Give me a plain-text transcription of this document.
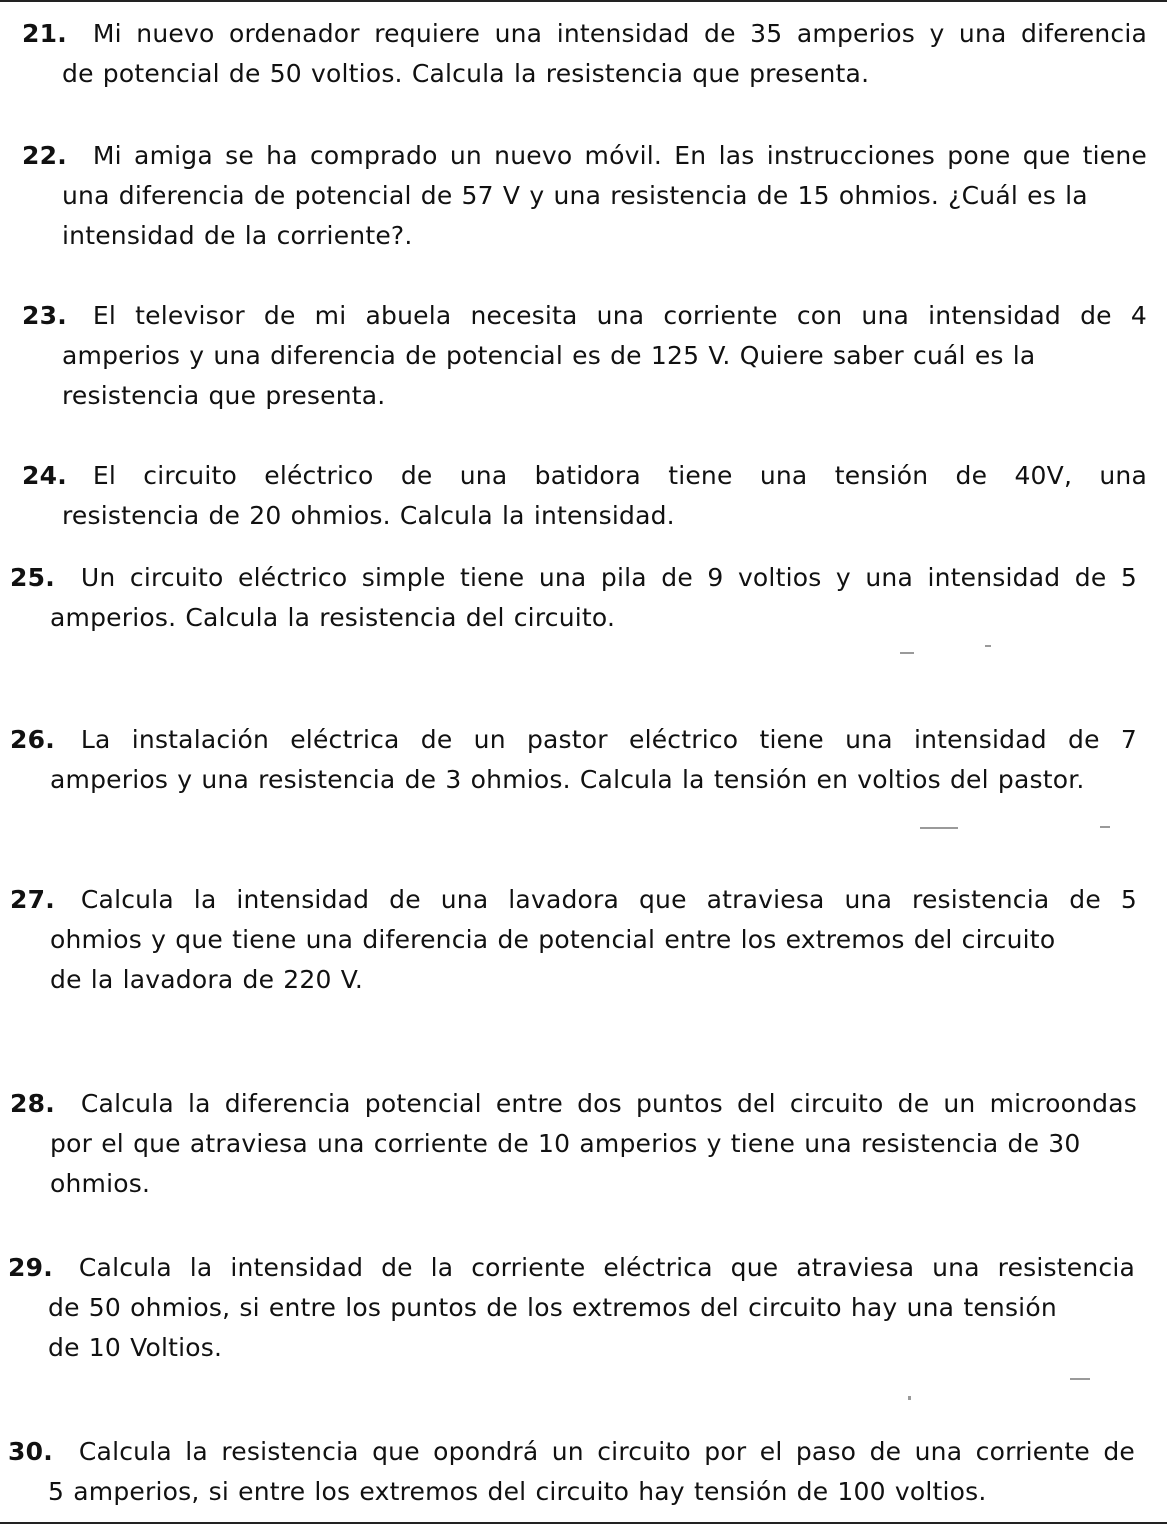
21. Mi nuevo ordenador requiere una intensidad de 35 amperios y una diferencia
de potencial de 50 voltios. Calcula la resistencia que presenta.
22. Mi amiga se ha comprado un nuevo móvil. En las instrucciones pone que tiene
una diferencia de potencial de 57 V y una resistencia de 15 ohmios. ¿Cuál es la
intensidad de la corriente?.
23. El televisor de mi abuela necesita una corriente con una intensidad de 4
amperios y una diferencia de potencial es de 125 V. Quiere saber cuál es la
resistencia que presenta.
24. El circuito eléctrico de una batidora tiene una tensión de 40V, una
resistencia de 20 ohmios. Calcula la intensidad.
25. Un circuito eléctrico simple tiene una pila de 9 voltios y una intensidad de 5
amperios. Calcula la resistencia del circuito.
26. La instalación eléctrica de un pastor eléctrico tiene una intensidad de 7
amperios y una resistencia de 3 ohmios. Calcula la tensión en voltios del pastor.
27. Calcula la intensidad de una lavadora que atraviesa una resistencia de 5
ohmios y que tiene una diferencia de potencial entre los extremos del circuito
de la lavadora de 220 V.
28. Calcula la diferencia potencial entre dos puntos del circuito de un microondas
por el que atraviesa una corriente de 10 amperios y tiene una resistencia de 30
ohmios.
29. Calcula la intensidad de la corriente eléctrica que atraviesa una resistencia
de 50 ohmios, si entre los puntos de los extremos del circuito hay una tensión
de 10 Voltios.
30. Calcula la resistencia que opondrá un circuito por el paso de una corriente de
5 amperios, si entre los extremos del circuito hay tensión de 100 voltios.
